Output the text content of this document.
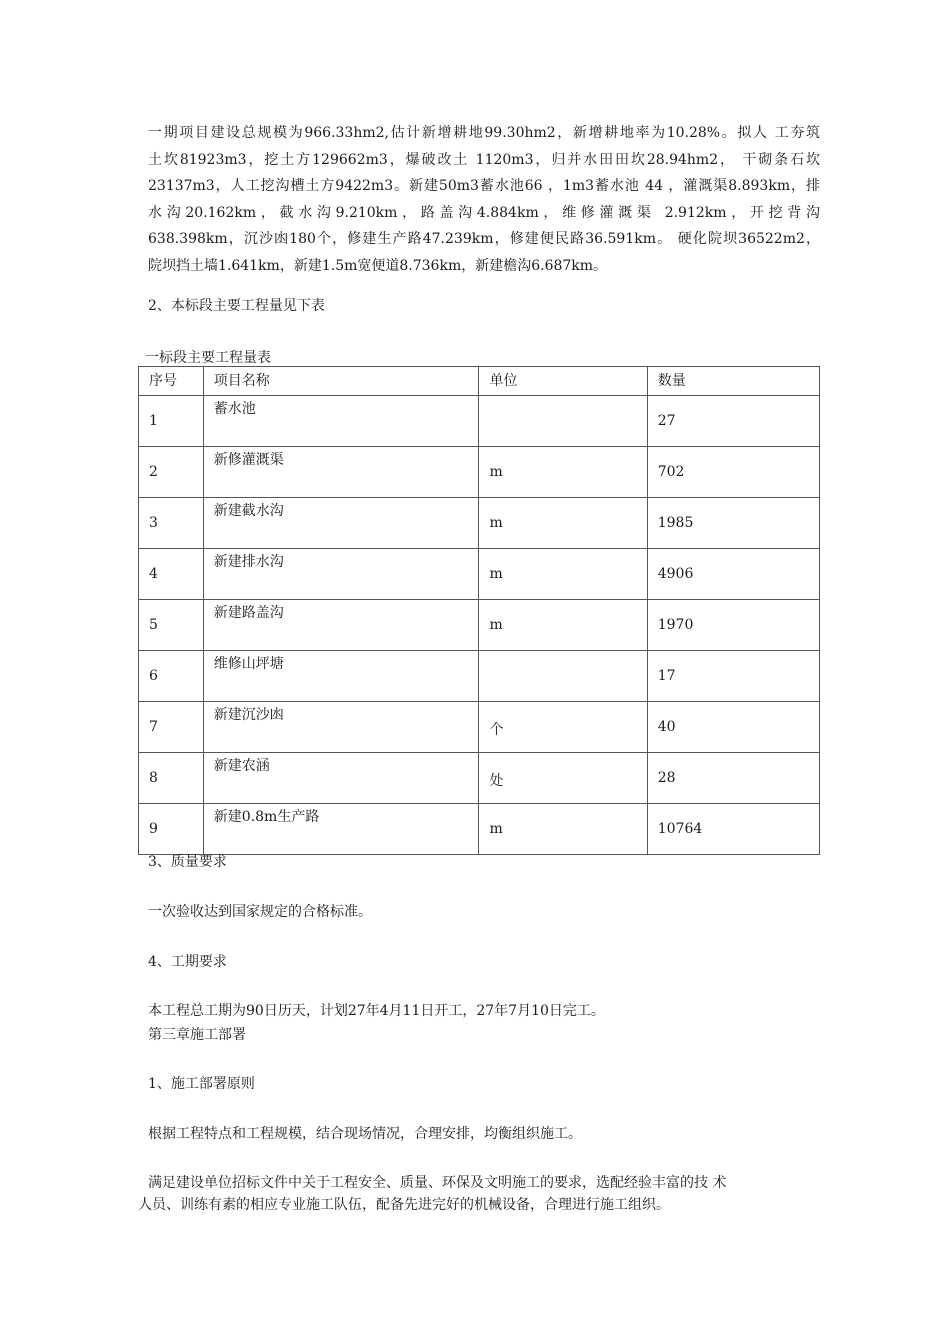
一期项目建设总规模为966.33hm2,估计新增耕地99.30hm2，新增耕地率为10.28%。拟人 工夯筑
土坎81923m3，挖土方129662m3，爆破改土 1120m3，归并水田田坎28.94hm2， 干砌条石坎
23137m3，人工挖沟槽土方9422m3。新建50m3蓄水池66 ，1m3蓄水池 44 ，灌溉渠8.893km，排
水沟20.162km，截水沟9.210km，路盖沟4.884km，维修灌溉渠 2.912km，开挖背沟
638.398km，沉沙凼180个，修建生产路47.239km，修建便民路36.591km。 硬化院坝36522m2，
院坝挡土墙1.641km，新建1.5m宽便道8.736km，新建檐沟6.687km。
2、本标段主要工程量见下表
一标段主要工程量表
序号	项目名称	单位	数量

1	蓄水池		27

2	新修灌溉渠	m	702

3	新建截水沟	m	1985

4	新建排水沟	m	4906

5	新建路盖沟	m	1970

6	维修山坪塘		17

7	新建沉沙凼	个	40

8	新建农涵	处	28

9	新建0.8m生产路	m	10764
3、质量要求
一次验收达到国家规定的合格标准。
4、工期要求
本工程总工期为90日历天，计划27年4月11日开工，27年7月10日完工。
第三章施工部署
1、施工部署原则
根据工程特点和工程规模，结合现场情况，合理安排，均衡组织施工。
满足建设单位招标文件中关于工程安全、质量、环保及文明施工的要求，选配经验丰富的技 术
人员、训练有素的相应专业施工队伍，配备先进完好的机械设备，合理进行施工组织。
